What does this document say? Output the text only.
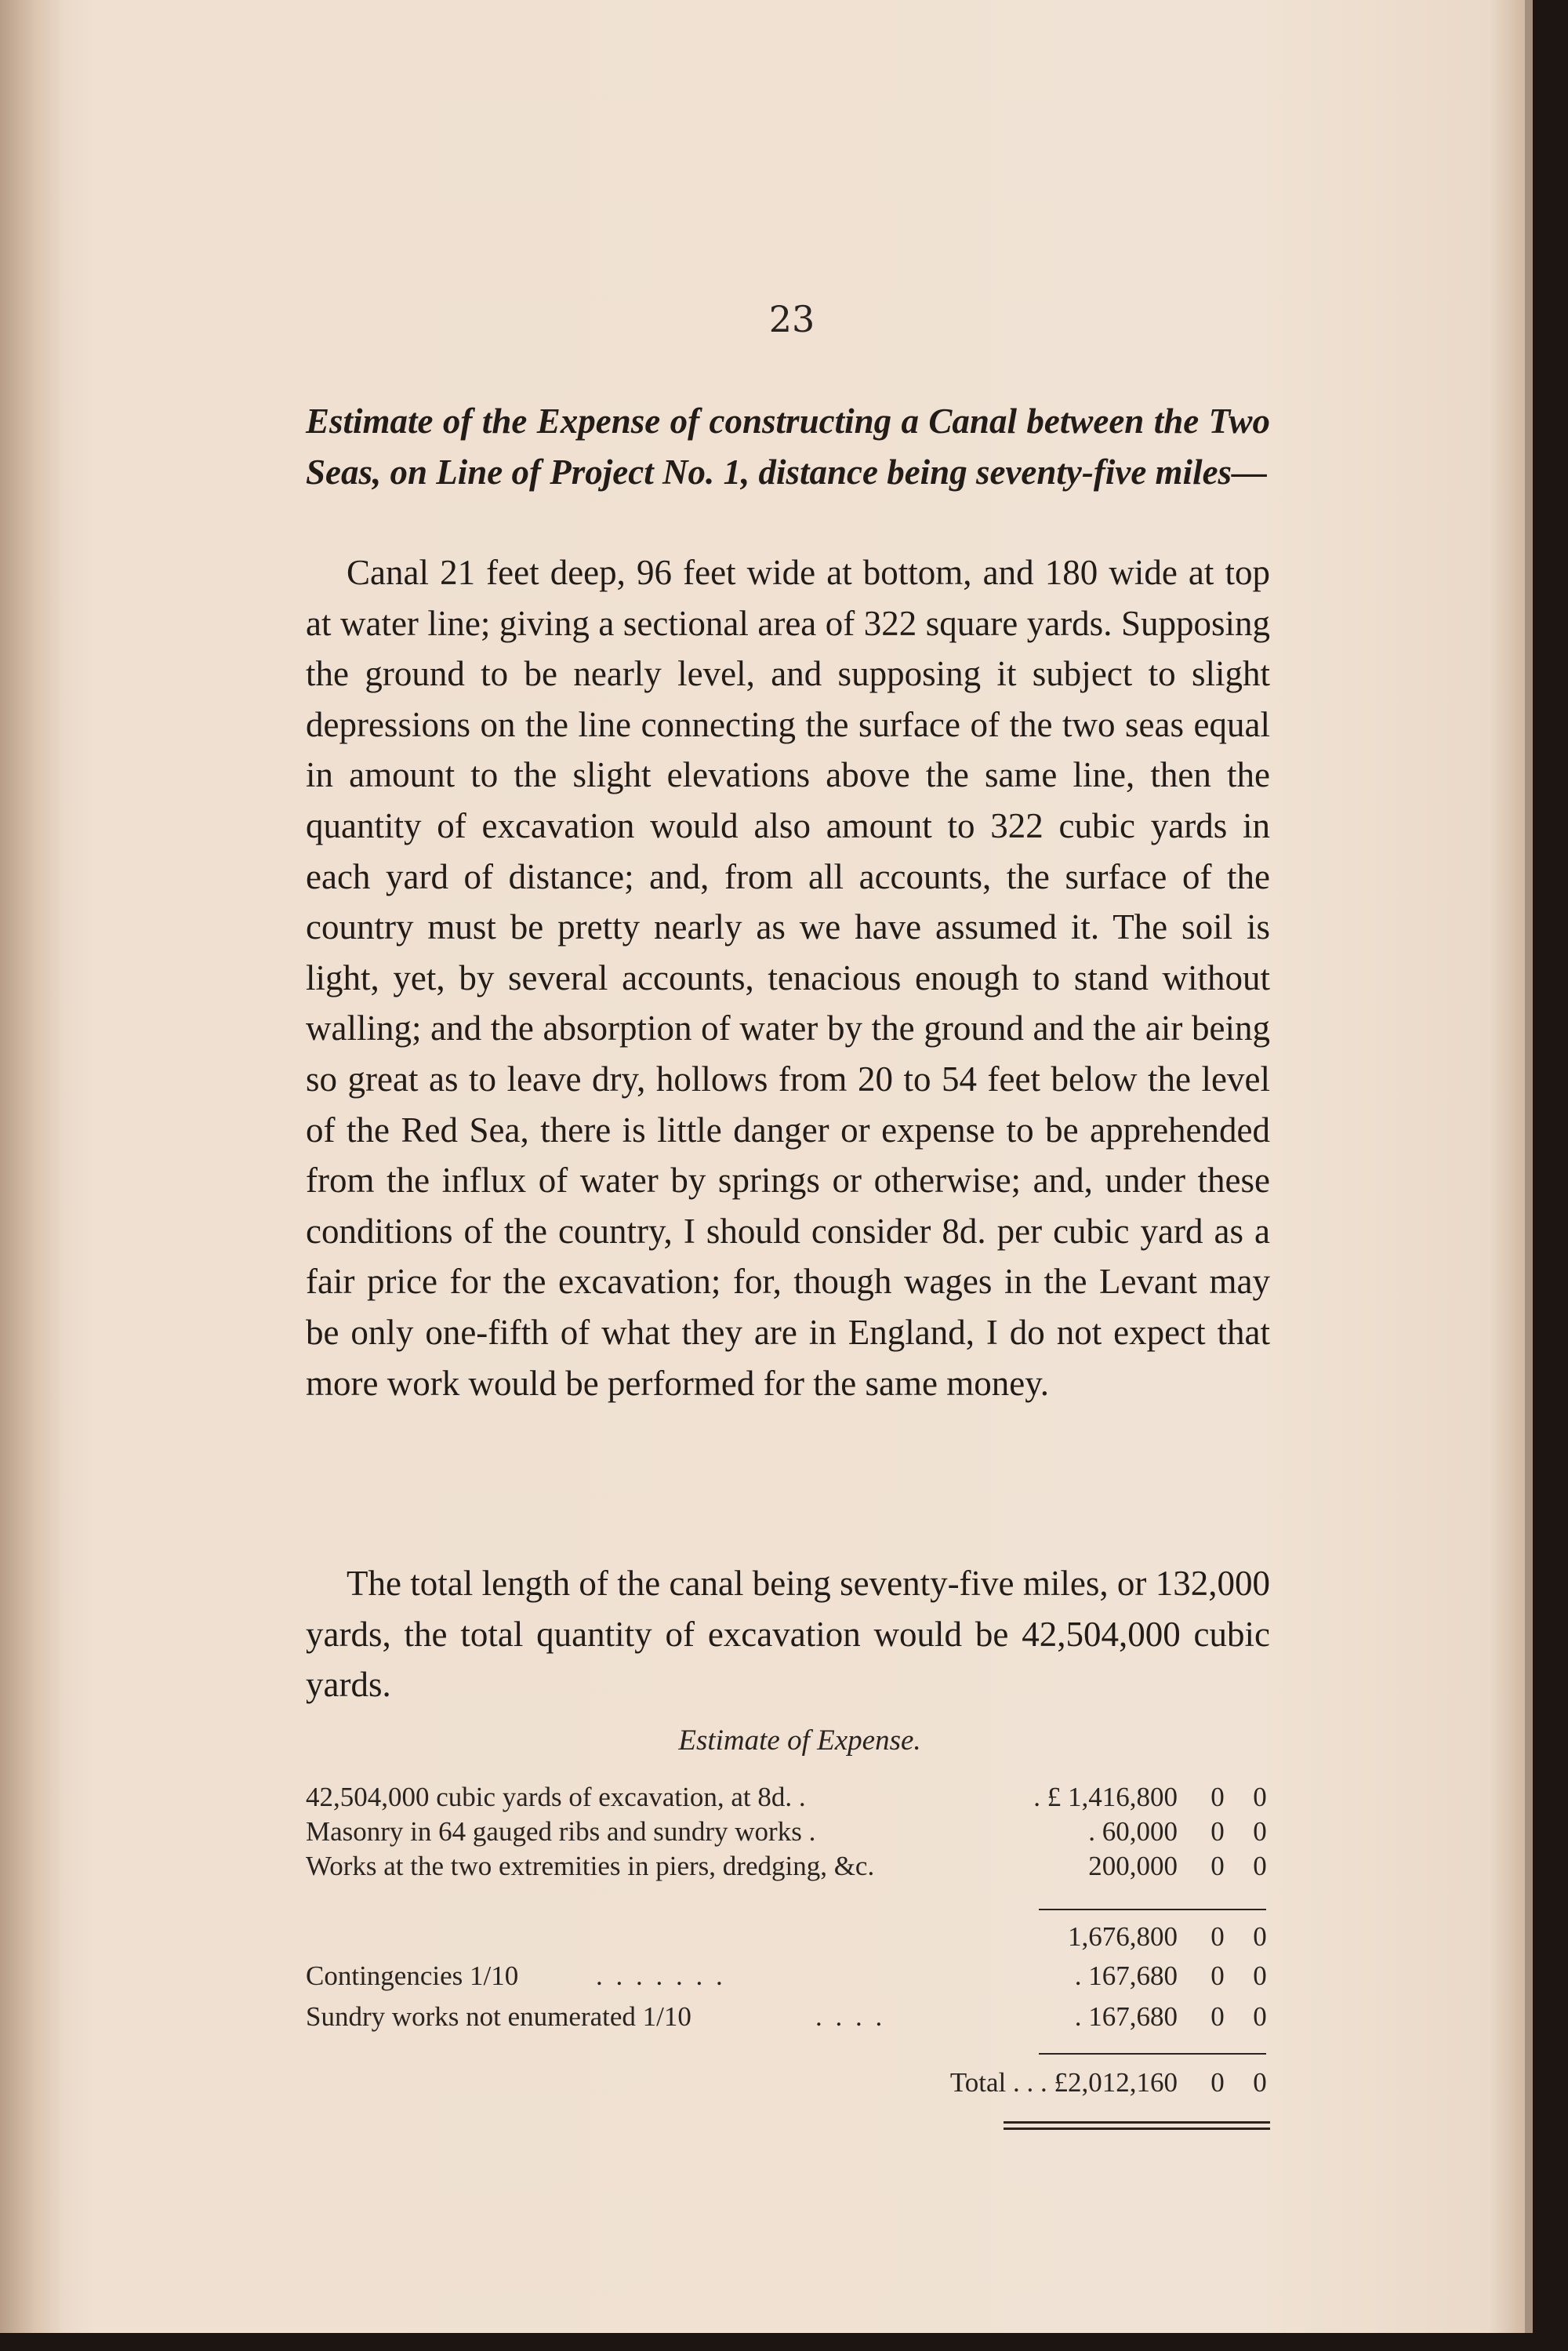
23
Estimate of the Expense of constructing a Canal between the Two Seas, on Line of Project No. 1, distance being seventy-five miles—
Canal 21 feet deep, 96 feet wide at bottom, and 180 wide at top at water line; giving a sectional area of 322 square yards. Supposing the ground to be nearly level, and supposing it subject to slight depressions on the line connecting the surface of the two seas equal in amount to the slight elevations above the same line, then the quantity of excavation would also amount to 322 cubic yards in each yard of distance; and, from all accounts, the surface of the country must be pretty nearly as we have assumed it. The soil is light, yet, by several accounts, tenacious enough to stand without walling; and the absorption of water by the ground and the air being so great as to leave dry, hollows from 20 to 54 feet below the level of the Red Sea, there is little danger or expense to be apprehended from the influx of water by springs or otherwise; and, under these conditions of the country, I should consider 8d. per cubic yard as a fair price for the excavation; for, though wages in the Levant may be only one-fifth of what they are in England, I do not expect that more work would be performed for the same money.
The total length of the canal being seventy-five miles, or 132,000 yards, the total quantity of excavation would be 42,504,000 cubic yards.
Estimate of Expense.
42,504,000 cubic yards of excavation, at 8d. .	. £ 1,416,800 0 0
Masonry in 64 gauged ribs and sundry works .	. 60,000 0 0
Works at the two extremities in piers, dredging, &c.	200,000 0 0
1,676,800 0 0
Contingencies 1/10	. . . . . . .	. 167,680 0 0
Sundry works not enumerated 1/10	. . . .	. 167,680 0 0
Total . . . £2,012,160 0 0
